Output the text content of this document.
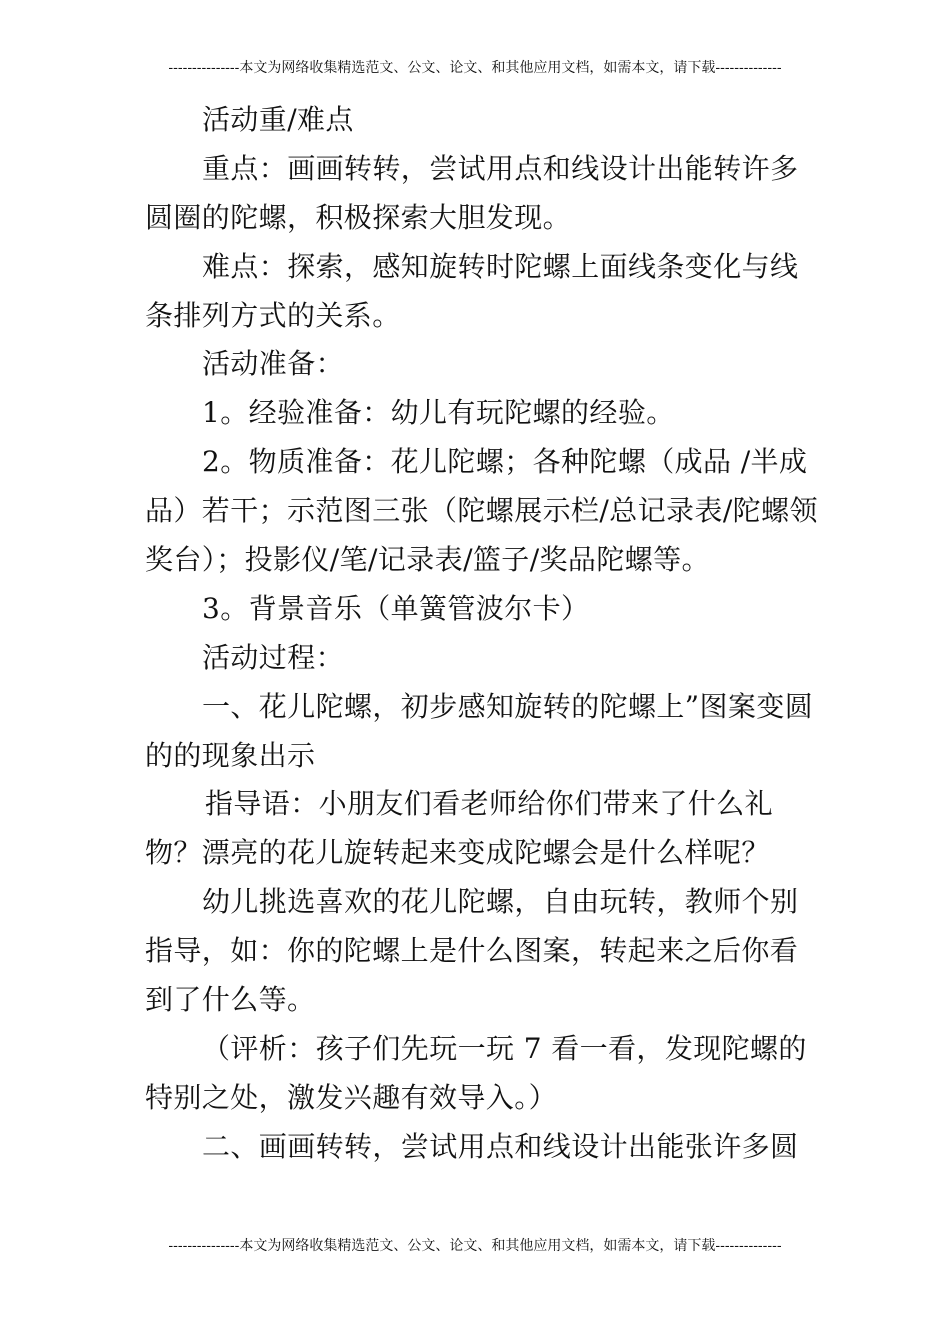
---------------本文为网络收集精选范文、公文、论文、和其他应用文档，如需本文，请下载--------------
活动重/难点
重点：画画转转，尝试用点和线设计出能转许多
圆圈的陀螺，积极探索大胆发现。
难点：探索，感知旋转时陀螺上面线条变化与线
条排列方式的关系。
活动准备：
1。经验准备：幼儿有玩陀螺的经验。
2。物质准备：花儿陀螺；各种陀螺（成品 /半成
品）若干；示范图三张（陀螺展示栏/总记录表/陀螺领
奖台）；投影仪/笔/记录表/篮子/奖品陀螺等。
3。背景音乐（单簧管波尔卡）
活动过程：
一、花儿陀螺，初步感知旋转的陀螺上”图案变圆
的的现象出示
指导语：小朋友们看老师给你们带来了什么礼
物？漂亮的花儿旋转起来变成陀螺会是什么样呢？
幼儿挑选喜欢的花儿陀螺，自由玩转，教师个别
指导，如：你的陀螺上是什么图案，转起来之后你看
到了什么等。
（评析：孩子们先玩一玩 7 看一看，发现陀螺的
特别之处，激发兴趣有效导入。）
二、画画转转，尝试用点和线设计出能张许多圆
---------------本文为网络收集精选范文、公文、论文、和其他应用文档，如需本文，请下载--------------
